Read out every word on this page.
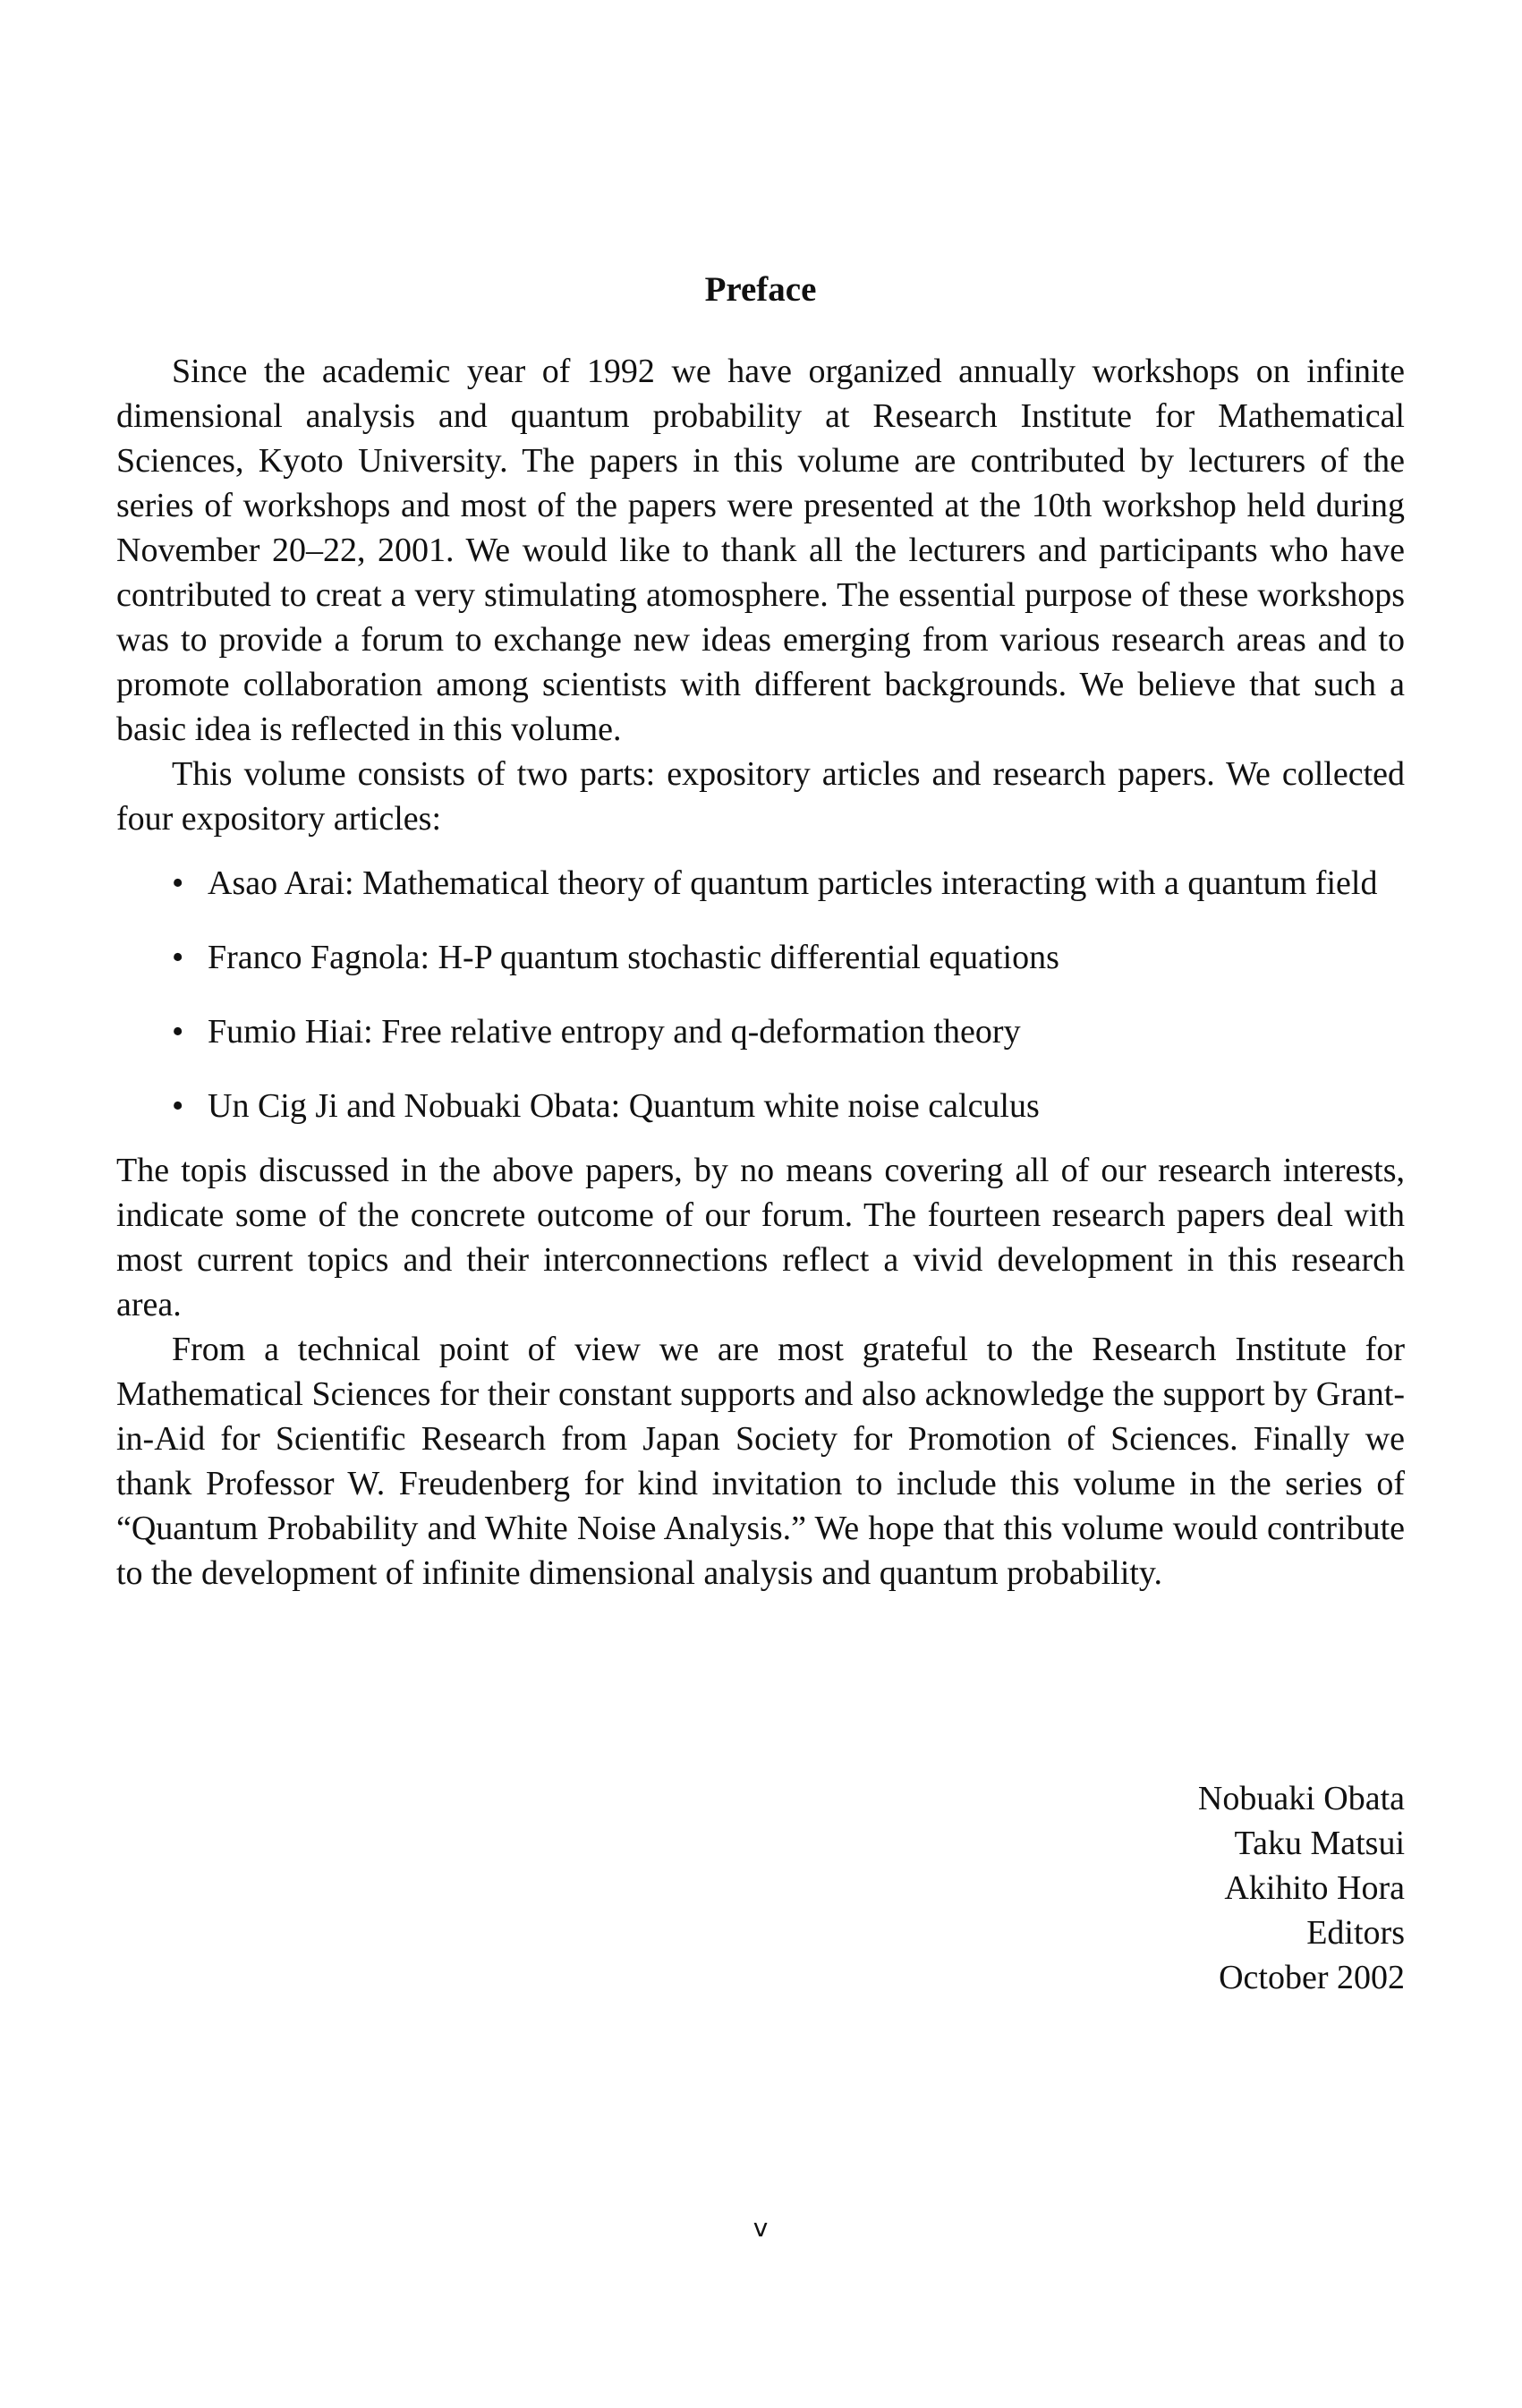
Preface

Since the academic year of 1992 we have organized annually workshops on infinite dimensional analysis and quantum probability at Research Institute for Mathematical Sciences, Kyoto University. The papers in this volume are contributed by lecturers of the series of workshops and most of the papers were presented at the 10th workshop held during November 20–22, 2001. We would like to thank all the lecturers and participants who have contributed to creat a very stimulating atomosphere. The essential purpose of these workshops was to provide a forum to exchange new ideas emerging from various research areas and to promote collaboration among scientists with different backgrounds. We believe that such a basic idea is reflected in this volume.

This volume consists of two parts: expository articles and research papers. We collected four expository articles:

• Asao Arai: Mathematical theory of quantum particles interacting with a quantum field
• Franco Fagnola: H-P quantum stochastic differential equations
• Fumio Hiai: Free relative entropy and q-deformation theory
• Un Cig Ji and Nobuaki Obata: Quantum white noise calculus

The topis discussed in the above papers, by no means covering all of our research interests, indicate some of the concrete outcome of our forum. The fourteen research papers deal with most current topics and their interconnections reflect a vivid development in this research area.

From a technical point of view we are most grateful to the Research Institute for Mathematical Sciences for their constant supports and also acknowledge the support by Grant-in-Aid for Scientific Research from Japan Society for Promotion of Sciences. Finally we thank Professor W. Freudenberg for kind invitation to include this volume in the series of “Quantum Probability and White Noise Analysis.” We hope that this volume would contribute to the development of infinite dimensional analysis and quantum probability.

Nobuaki Obata
Taku Matsui
Akihito Hora
Editors
October 2002
v
